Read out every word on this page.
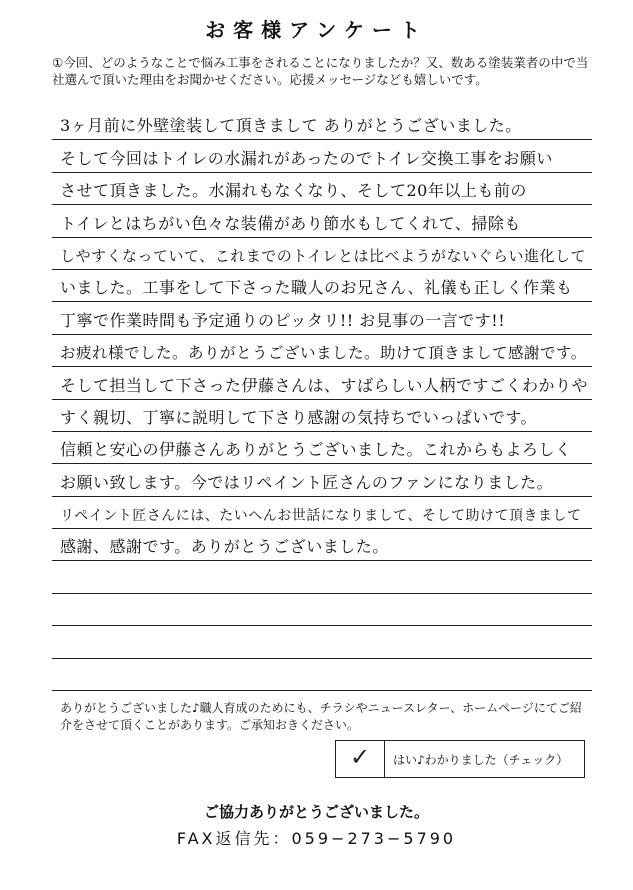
お客様アンケート
①今回、どのようなことで悩み工事をされることになりましたか？又、数ある塗装業者の中で当社選んで頂いた理由をお聞かせください。応援メッセージなども嬉しいです。
3ヶ月前に外壁塗装して頂きまして ありがとうございました。
そして今回はトイレの水漏れがあったのでトイレ交換工事をお願い
させて頂きました。水漏れもなくなり、そして20年以上も前の
トイレとはちがい色々な装備があり節水もしてくれて、掃除も
しやすくなっていて、これまでのトイレとは比べようがないぐらい進化して
いました。工事をして下さった職人のお兄さん、礼儀も正しく作業も
丁寧で作業時間も予定通りのピッタリ!! お見事の一言です!!
お疲れ様でした。ありがとうございました。助けて頂きまして感謝です。
そして担当して下さった伊藤さんは、すばらしい人柄ですごくわかりや
すく親切、丁寧に説明して下さり感謝の気持ちでいっぱいです。
信頼と安心の伊藤さんありがとうございました。これからもよろしく
お願い致します。今ではリペイント匠さんのファンになりました。
リペイント匠さんには、たいへんお世話になりまして、そして助けて頂きまして
感謝、感謝です。ありがとうございました。
ありがとうございました♪職人育成のためにも、チラシやニュースレター、ホームページにてご紹介をさせて頂くことがあります。ご承知おきください。
✓	はい♪わかりました（チェック）
ご協力ありがとうございました。
FAX返信先：059−273−5790
